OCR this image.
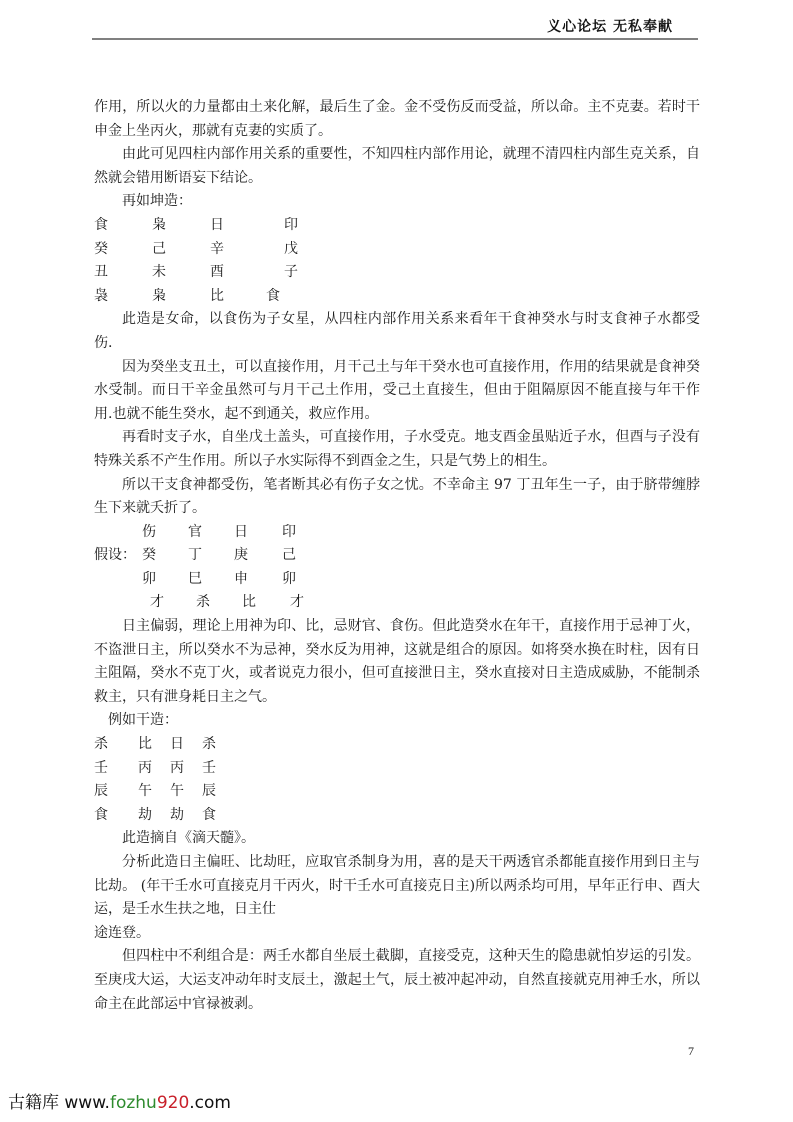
义心论坛 无私奉献

作用，所以火的力量都由土来化解，最后生了金。金不受伤反而受益，所以命。主不克妻。若时干申金上坐丙火，那就有克妻的实质了。

由此可见四柱内部作用关系的重要性，不知四柱内部作用论，就理不清四柱内部生克关系，自然就会错用断语妄下结论。

再如坤造：

食	枭	日	印
癸	己	辛	戊
丑	未	酉	子
袅	枭	比	食

此造是女命，以食伤为子女星，从四柱内部作用关系来看年干食神癸水与时支食神子水都受伤.

因为癸坐支丑土，可以直接作用，月干己土与年干癸水也可直接作用，作用的结果就是食神癸水受制。而日干辛金虽然可与月干己土作用，受己土直接生，但由于阻隔原因不能直接与年干作用.也就不能生癸水，起不到通关，救应作用。

再看时支子水，自坐戊土盖头，可直接作用，子水受克。地支酉金虽贴近子水，但酉与子没有特殊关系不产生作用。所以子水实际得不到酉金之生，只是气势上的相生。

所以干支食神都受伤，笔者断其必有伤子女之忧。不幸命主 97 丁丑年生一子，由于脐带缠脖生下来就夭折了。

伤	官	日	印
假设： 癸	丁	庚	己
卯	巳	申	卯
才	杀	比	才

日主偏弱，理论上用神为印、比，忌财官、食伤。但此造癸水在年干，直接作用于忌神丁火，不盗泄日主，所以癸水不为忌神，癸水反为用神，这就是组合的原因。如将癸水换在时柱，因有日主阻隔，癸水不克丁火，或者说克力很小，但可直接泄日主，癸水直接对日主造成威胁，不能制杀救主，只有泄身耗日主之气。

例如干造：

杀	比	日	杀
壬	丙	丙	壬
辰	午	午	辰
食	劫	劫	食

此造摘自《滴天髓》。

分析此造日主偏旺、比劫旺，应取官杀制身为用，喜的是天干两透官杀都能直接作用到日主与比劫。 (年干壬水可直接克月干丙火，时干壬水可直接克日主)所以两杀均可用，早年正行申、酉大运，是壬水生扶之地，日主仕

途连登。

但四柱中不利组合是：两壬水都自坐辰土截脚，直接受克，这种天生的隐患就怕岁运的引发。至庚戌大运，大运支冲动年时支辰土，激起土气，辰土被冲起冲动，自然直接就克用神壬水，所以命主在此部运中官禄被剥。

7
古籍库 www.fozhu920.com
